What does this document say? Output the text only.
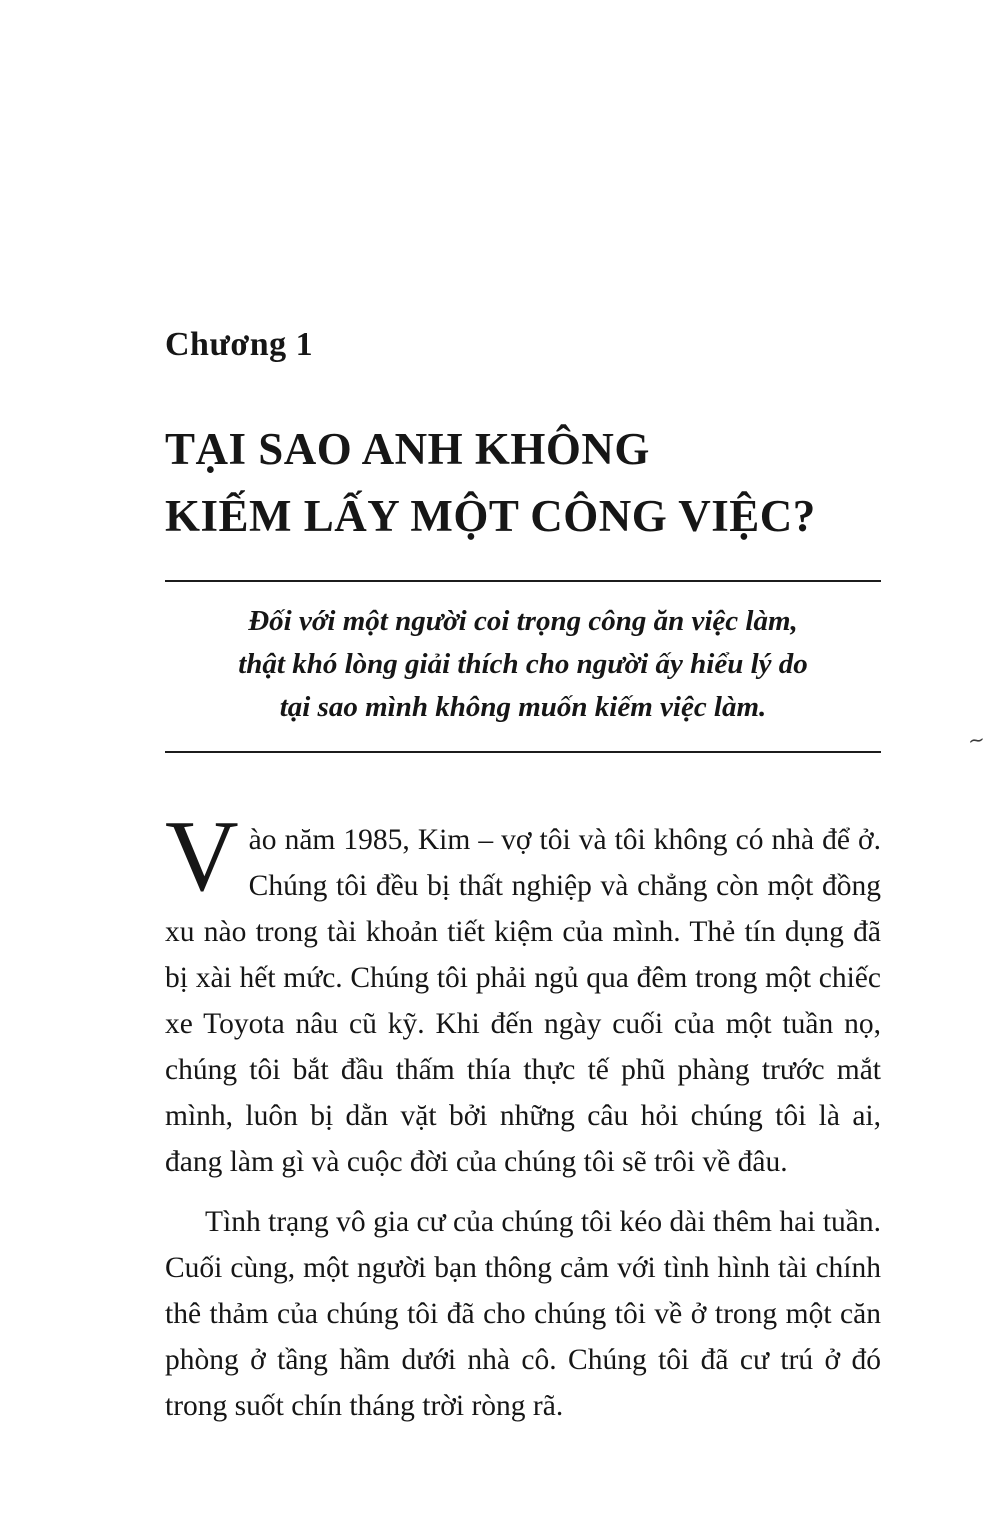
~
Chương 1
TẠI SAO ANH KHÔNG
KIẾM LẤY MỘT CÔNG VIỆC?
Đối với một người coi trọng công ăn việc làm,
thật khó lòng giải thích cho người ấy hiểu lý do
tại sao mình không muốn kiếm việc làm.

Vào năm 1985, Kim – vợ tôi và tôi không có nhà để ở. Chúng tôi đều bị thất nghiệp và chẳng còn một đồng xu nào trong tài khoản tiết kiệm của mình. Thẻ tín dụng đã bị xài hết mức. Chúng tôi phải ngủ qua đêm trong một chiếc xe Toyota nâu cũ kỹ. Khi đến ngày cuối của một tuần nọ, chúng tôi bắt đầu thấm thía thực tế phũ phàng trước mắt mình, luôn bị dằn vặt bởi những câu hỏi chúng tôi là ai, đang làm gì và cuộc đời của chúng tôi sẽ trôi về đâu.

Tình trạng vô gia cư của chúng tôi kéo dài thêm hai tuần. Cuối cùng, một người bạn thông cảm với tình hình tài chính thê thảm của chúng tôi đã cho chúng tôi về ở trong một căn phòng ở tầng hầm dưới nhà cô. Chúng tôi đã cư trú ở đó trong suốt chín tháng trời ròng rã.
